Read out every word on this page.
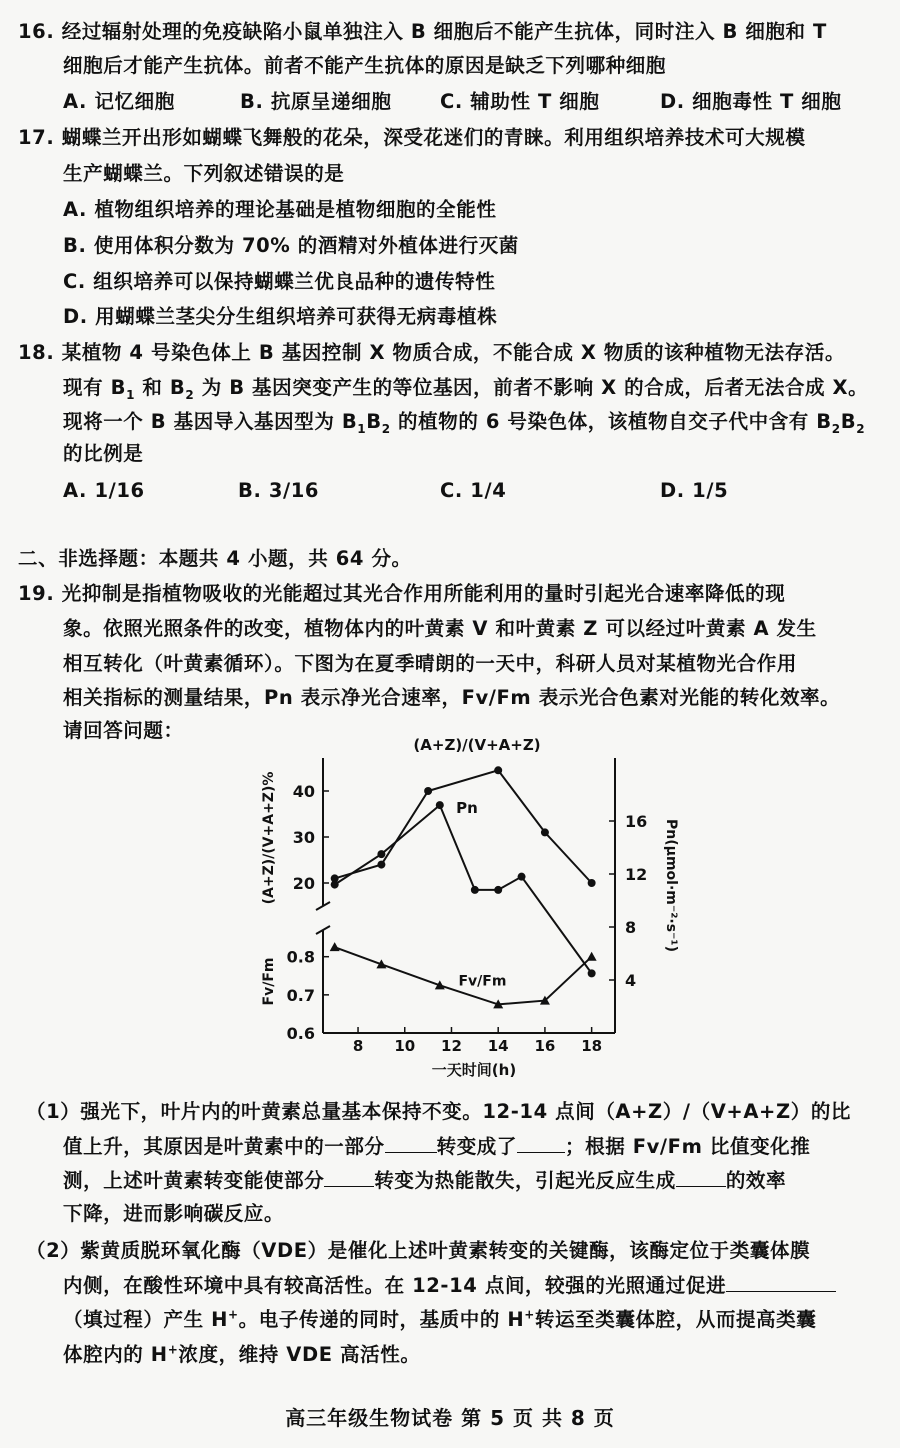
16. 经过辐射处理的免疫缺陷小鼠单独注入 B 细胞后不能产生抗体，同时注入 B 细胞和 T
细胞后才能产生抗体。前者不能产生抗体的原因是缺乏下列哪种细胞
A. 记忆细胞	B. 抗原呈递细胞 C. 辅助性 T 细胞	D. 细胞毒性 T 细胞
17. 蝴蝶兰开出形如蝴蝶飞舞般的花朵，深受花迷们的青睐。利用组织培养技术可大规模
生产蝴蝶兰。下列叙述错误的是
A. 植物组织培养的理论基础是植物细胞的全能性
B. 使用体积分数为 70% 的酒精对外植体进行灭菌
C. 组织培养可以保持蝴蝶兰优良品种的遗传特性
D. 用蝴蝶兰茎尖分生组织培养可获得无病毒植株
18. 某植物 4 号染色体上 B 基因控制 X 物质合成，不能合成 X 物质的该种植物无法存活。
现有 $B_1$ 和 $B_2$ 为 B 基因突变产生的等位基因，前者不影响 X 的合成，后者无法合成 X。
现将一个 B 基因导入基因型为 $B_1B_2$ 的植物的 6 号染色体，该植物自交子代中含有 $B_2B_2$
的比例是
A. 1/16	B. 3/16	C. 1/4	D. 1/5
二、非选择题：本题共 4 小题，共 64 分。
19. 光抑制是指植物吸收的光能超过其光合作用所能利用的量时引起光合速率降低的现
象。依照光照条件的改变，植物体内的叶黄素 V 和叶黄素 Z 可以经过叶黄素 A 发生
相互转化（叶黄素循环）。下图为在夏季晴朗的一天中，科研人员对某植物光合作用
相关指标的测量结果，Pn 表示净光合速率，Fv/Fm 表示光合色素对光能的转化效率。
请回答问题：
(A+Z)/(V+A+Z)
8 10 12 14 16 18
一天时间(h)
20
30
40
0.6
0.7
0.8
4
8
12
16
(A+Z)/(V+A+Z)%
Fv/Fm
Pn(μmol·m⁻²·s⁻¹)
Pn
Fv/Fm
（1）强光下，叶片内的叶黄素总量基本保持不变。12-14 点间（A+Z）/（V+A+Z）的比
值上升，其原因是叶黄素中的一部分	转变成了 ；根据 Fv/Fm 比值变化推
测，上述叶黄素转变能使部分	转变为热能散失，引起光反应生成	的效率
下降，进而影响碳反应。
（2）紫黄质脱环氧化酶（VDE）是催化上述叶黄素转变的关键酶，该酶定位于类囊体膜
内侧，在酸性环境中具有较高活性。在 12-14 点间，较强的光照通过促进
（填过程）产生 H+。电子传递的同时，基质中的 H+转运至类囊体腔，从而提高类囊
体腔内的 H+浓度，维持 VDE 高活性。
高三年级生物试卷 第 5 页 共 8 页
